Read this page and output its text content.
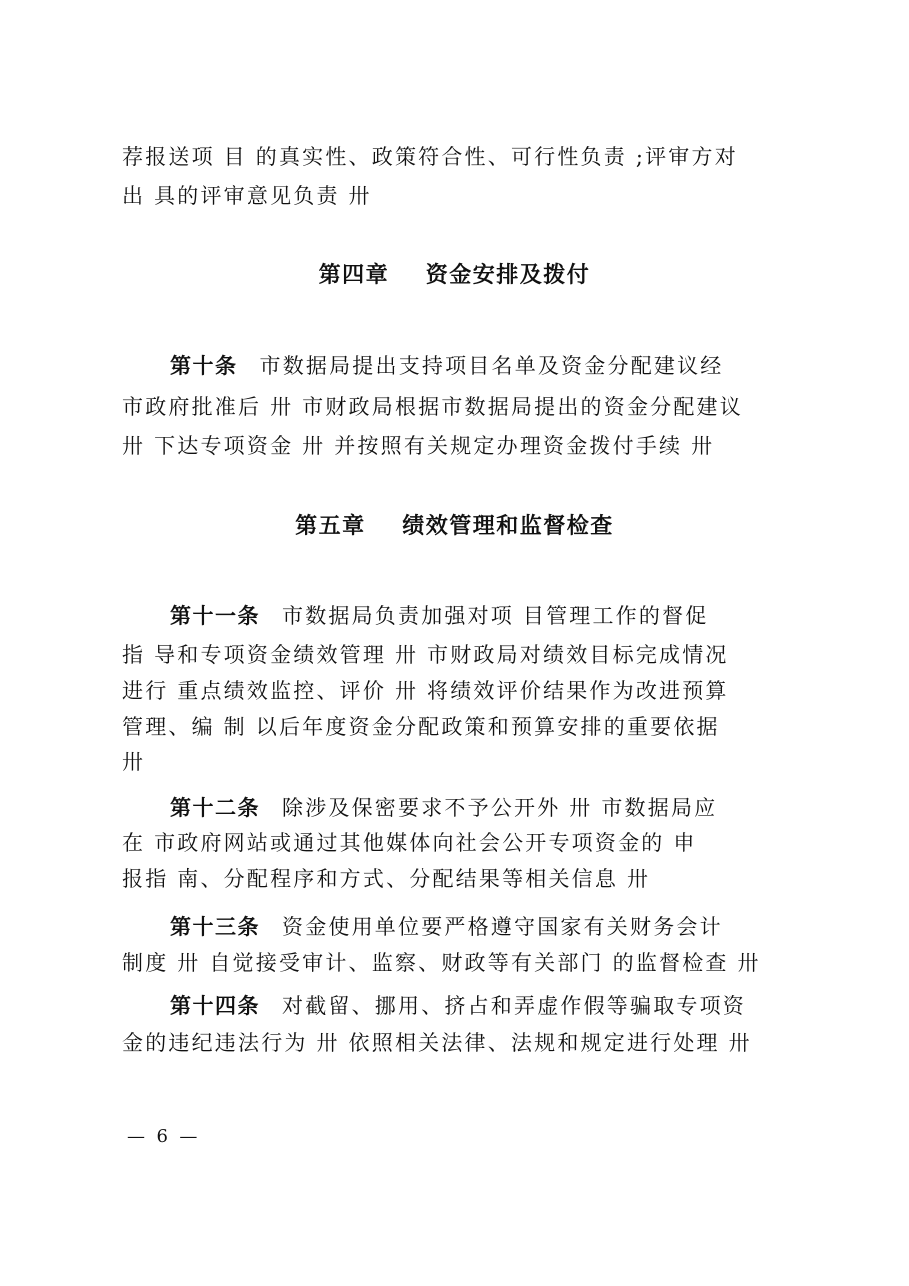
荐报送项 目 的真实性、政策符合性、可行性负责 ;评审方对
出 具的评审意见负责 卅
第四章    资金安排及拨付
第十条 市数据局提出支持项目名单及资金分配建议经
市政府批准后 卅 市财政局根据市数据局提出的资金分配建议
卅 下达专项资金 卅 并按照有关规定办理资金拨付手续 卅
第五章    绩效管理和监督检查
第十一条 市数据局负责加强对项 目管理工作的督促
指 导和专项资金绩效管理 卅 市财政局对绩效目标完成情况
进行 重点绩效监控、评价 卅 将绩效评价结果作为改进预算
管理、编 制 以后年度资金分配政策和预算安排的重要依据
卅
第十二条 除涉及保密要求不予公开外 卅 市数据局应
在 市政府网站或通过其他媒体向社会公开专项资金的 申
报指 南、分配程序和方式、分配结果等相关信息 卅
第十三条 资金使用单位要严格遵守国家有关财务会计
制度 卅 自觉接受审计、监察、财政等有关部门 的监督检查 卅
第十四条 对截留、挪用、挤占和弄虚作假等骗取专项资
金的违纪违法行为 卅 依照相关法律、法规和规定进行处理 卅
—  6  —
